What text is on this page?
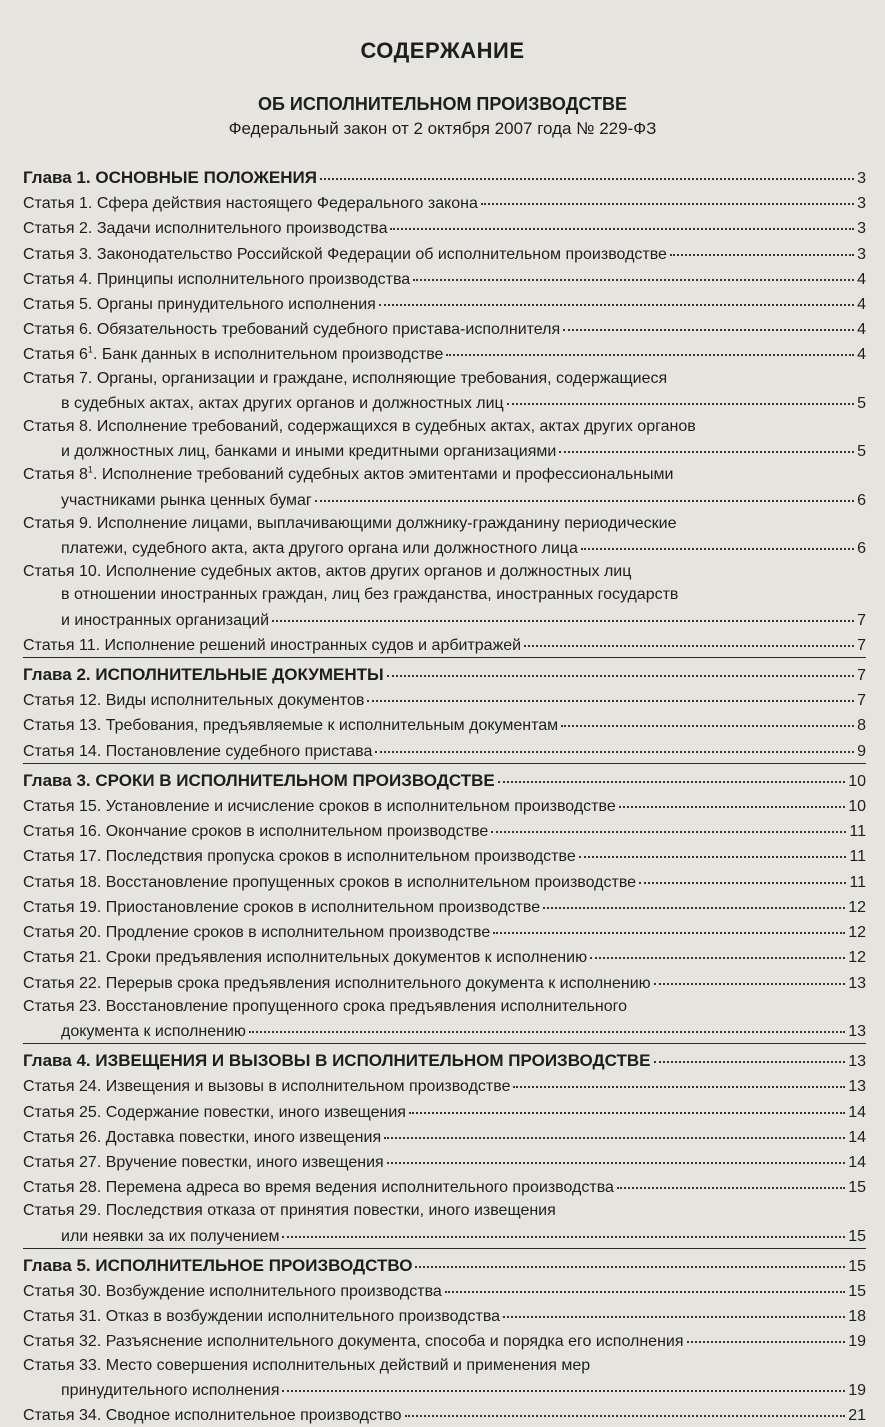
СОДЕРЖАНИЕ
ОБ ИСПОЛНИТЕЛЬНОМ ПРОИЗВОДСТВЕ
Федеральный закон от 2 октября 2007 года № 229-ФЗ
Глава 1. ОСНОВНЫЕ ПОЛОЖЕНИЯ	3
Статья 1. Сфера действия настоящего Федерального закона	3
Статья 2. Задачи исполнительного производства	3
Статья 3. Законодательство Российской Федерации об исполнительном производстве	3
Статья 4. Принципы исполнительного производства	4
Статья 5. Органы принудительного исполнения	4
Статья 6. Обязательность требований судебного пристава-исполнителя	4
Статья $6^1$. Банк данных в исполнительном производстве	4
Статья 7. Органы, организации и граждане, исполняющие требования, содержащиеся
в судебных актах, актах других органов и должностных лиц	5
Статья 8. Исполнение требований, содержащихся в судебных актах, актах других органов
и должностных лиц, банками и иными кредитными организациями	5
Статья $8^1$. Исполнение требований судебных актов эмитентами и профессиональными
участниками рынка ценных бумаг	6
Статья 9. Исполнение лицами, выплачивающими должнику-гражданину периодические
платежи, судебного акта, акта другого органа или должностного лица	6
Статья 10. Исполнение судебных актов, актов других органов и должностных лиц
в отношении иностранных граждан, лиц без гражданства, иностранных государств
и иностранных организаций	7
Статья 11. Исполнение решений иностранных судов и арбитражей	7
Глава 2. ИСПОЛНИТЕЛЬНЫЕ ДОКУМЕНТЫ	7
Статья 12. Виды исполнительных документов	7
Статья 13. Требования, предъявляемые к исполнительным документам	8
Статья 14. Постановление судебного пристава	9
Глава 3. СРОКИ В ИСПОЛНИТЕЛЬНОМ ПРОИЗВОДСТВЕ	10
Статья 15. Установление и исчисление сроков в исполнительном производстве	10
Статья 16. Окончание сроков в исполнительном производстве	11
Статья 17. Последствия пропуска сроков в исполнительном производстве	11
Статья 18. Восстановление пропущенных сроков в исполнительном производстве	11
Статья 19. Приостановление сроков в исполнительном производстве	12
Статья 20. Продление сроков в исполнительном производстве	12
Статья 21. Сроки предъявления исполнительных документов к исполнению	12
Статья 22. Перерыв срока предъявления исполнительного документа к исполнению	13
Статья 23. Восстановление пропущенного срока предъявления исполнительного
документа к исполнению	13
Глава 4. ИЗВЕЩЕНИЯ И ВЫЗОВЫ В ИСПОЛНИТЕЛЬНОМ ПРОИЗВОДСТВЕ	13
Статья 24. Извещения и вызовы в исполнительном производстве	13
Статья 25. Содержание повестки, иного извещения	14
Статья 26. Доставка повестки, иного извещения	14
Статья 27. Вручение повестки, иного извещения	14
Статья 28. Перемена адреса во время ведения исполнительного производства	15
Статья 29. Последствия отказа от принятия повестки, иного извещения
или неявки за их получением	15
Глава 5. ИСПОЛНИТЕЛЬНОЕ ПРОИЗВОДСТВО	15
Статья 30. Возбуждение исполнительного производства	15
Статья 31. Отказ в возбуждении исполнительного производства	18
Статья 32. Разъяснение исполнительного документа, способа и порядка его исполнения	19
Статья 33. Место совершения исполнительных действий и применения мер
принудительного исполнения	19
Статья 34. Сводное исполнительное производство	21
